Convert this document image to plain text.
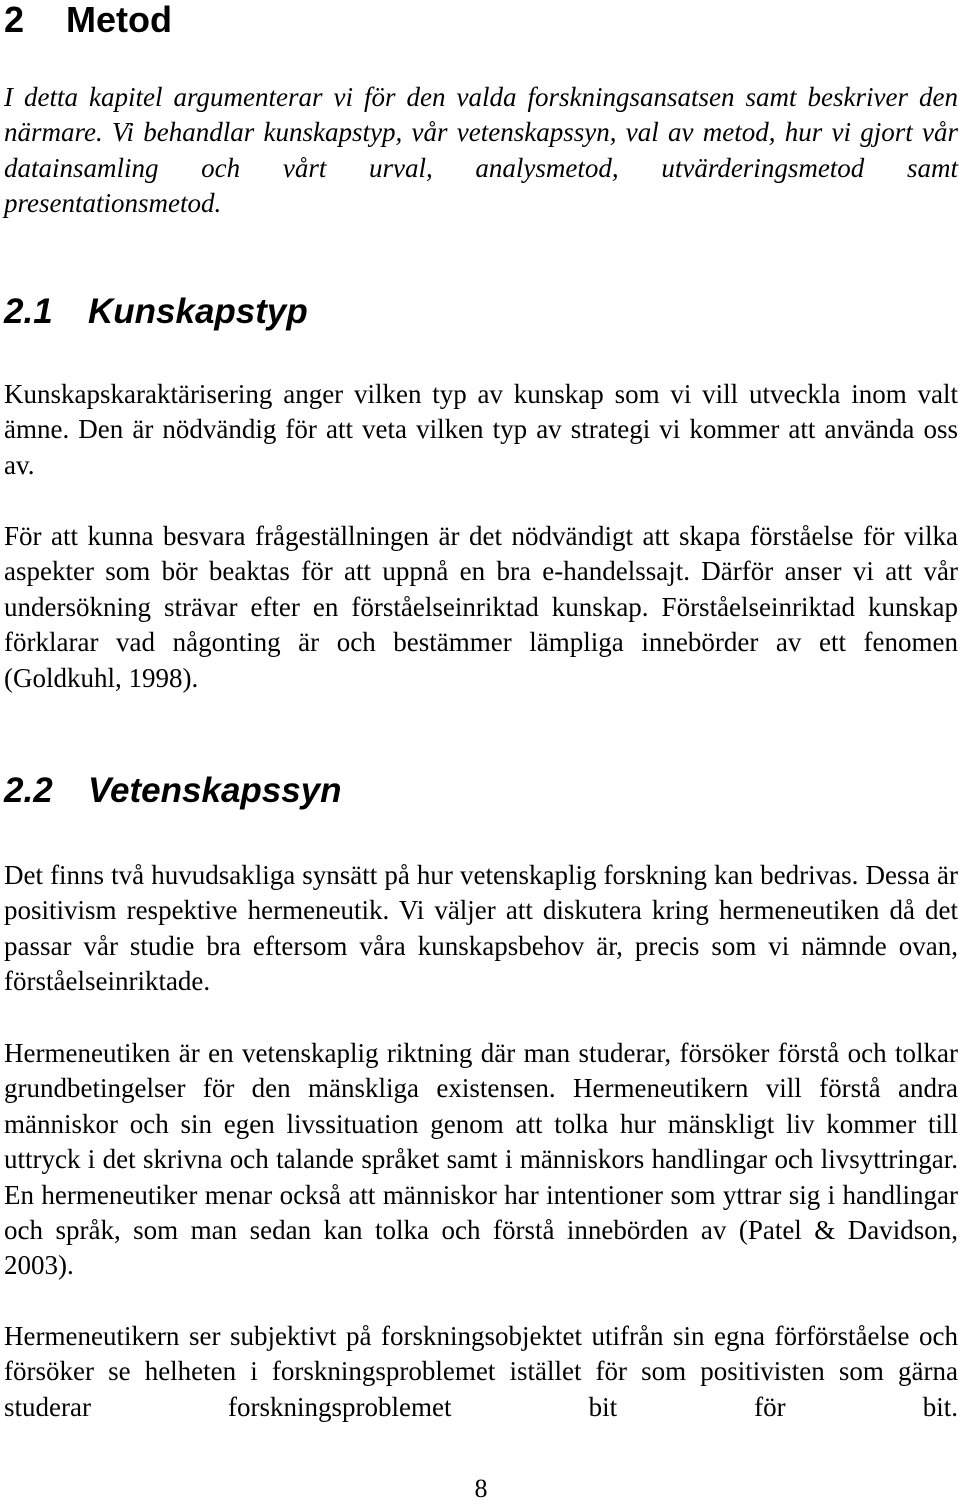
2 Metod

I detta kapitel argumenterar vi för den valda forskningsansatsen samt beskriver den närmare. Vi behandlar kunskapstyp, vår vetenskapssyn, val av metod, hur vi gjort vår datainsamling och vårt urval, analysmetod, utvärderingsmetod samt presentationsmetod.

2.1 Kunskapstyp

Kunskapskaraktärisering anger vilken typ av kunskap som vi vill utveckla inom valt ämne. Den är nödvändig för att veta vilken typ av strategi vi kommer att använda oss av.

För att kunna besvara frågeställningen är det nödvändigt att skapa förståelse för vilka aspekter som bör beaktas för att uppnå en bra e-handelssajt. Därför anser vi att vår undersökning strävar efter en förståelseinriktad kunskap. Förståelseinriktad kunskap förklarar vad någonting är och bestämmer lämpliga innebörder av ett fenomen (Goldkuhl, 1998).

2.2 Vetenskapssyn

Det finns två huvudsakliga synsätt på hur vetenskaplig forskning kan bedrivas. Dessa är positivism respektive hermeneutik. Vi väljer att diskutera kring hermeneutiken då det passar vår studie bra eftersom våra kunskapsbehov är, precis som vi nämnde ovan, förståelseinriktade.

Hermeneutiken är en vetenskaplig riktning där man studerar, försöker förstå och tolkar grundbetingelser för den mänskliga existensen. Hermeneutikern vill förstå andra människor och sin egen livssituation genom att tolka hur mänskligt liv kommer till uttryck i det skrivna och talande språket samt i människors handlingar och livsyttringar. En hermeneutiker menar också att människor har intentioner som yttrar sig i handlingar och språk, som man sedan kan tolka och förstå innebörden av (Patel & Davidson, 2003).

Hermeneutikern ser subjektivt på forskningsobjektet utifrån sin egna förförståelse och försöker se helheten i forskningsproblemet istället för som positivisten som gärna studerar forskningsproblemet bit för bit.

8
